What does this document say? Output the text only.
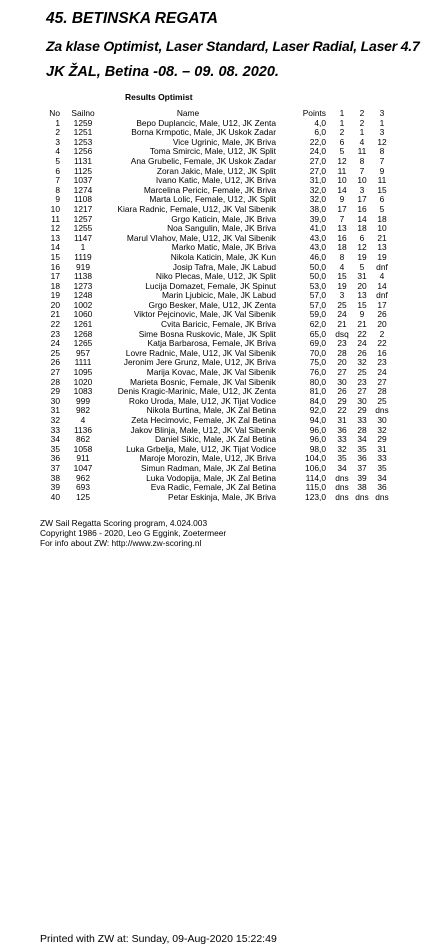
45. BETINSKA REGATA
Za klase Optimist, Laser Standard, Laser Radial, Laser 4.7
JK ŽAL, Betina -08. – 09. 08. 2020.
Results Optimist
No	Sailno	Name	Points	1	2	3
1	1259	Bepo Duplancic, Male, U12, JK Zenta	4,0	1	2	1
2	1251	Borna Krmpotic, Male, JK Uskok Zadar	6,0	2	1	3
3	1253	Vice Ugrinic, Male, JK Briva	22,0	6	4	12
4	1256	Toma Smircic, Male, U12, JK Split	24,0	5	11	8
5	1131	Ana Grubelic, Female, JK Uskok Zadar	27,0	12	8	7
6	1125	Zoran Jakic, Male, U12, JK Split	27,0	11	7	9
7	1037	Ivano Katic, Male, U12, JK Briva	31,0	10	10	11
8	1274	Marcelina Pericic, Female, JK Briva	32,0	14	3	15
9	1108	Marta Lolic, Female, U12, JK Split	32,0	9	17	6
10	1217	Kiara Radnic, Female, U12, JK Val Sibenik	38,0	17	16	5
11	1257	Grgo Katicin, Male, JK Briva	39,0	7	14	18
12	1255	Noa Sangulin, Male, JK Briva	41,0	13	18	10
13	1147	Marul Vlahov, Male, U12, JK Val Sibenik	43,0	16	6	21
14	1	Marko Matic, Male, JK Briva	43,0	18	12	13
15	1119	Nikola Katicin, Male, JK Kun	46,0	8	19	19
16	919	Josip Tafra, Male, JK Labud	50,0	4	5	dnf
17	1138	Niko Plecas, Male, U12, JK Split	50,0	15	31	4
18	1273	Lucija Domazet, Female, JK Spinut	53,0	19	20	14
19	1248	Marin Ljubicic, Male, JK Labud	57,0	3	13	dnf
20	1002	Grgo Besker, Male, U12, JK Zenta	57,0	25	15	17
21	1060	Viktor Pejcinovic, Male, JK Val Sibenik	59,0	24	9	26
22	1261	Cvita Baricic, Female, JK Briva	62,0	21	21	20
23	1268	Sime Bosna Ruskovic, Male, JK Split	65,0	dsq	22	2
24	1265	Katja Barbarosa, Female, JK Briva	69,0	23	24	22
25	957	Lovre Radnic, Male, U12, JK Val Sibenik	70,0	28	26	16
26	1111	Jeronim Jere Grunz, Male, U12, JK Briva	75,0	20	32	23
27	1095	Marija Kovac, Male, JK Val Sibenik	76,0	27	25	24
28	1020	Marieta Bosnic, Female, JK Val Sibenik	80,0	30	23	27
29	1083	Denis Kragic-Marinic, Male, U12, JK Zenta	81,0	26	27	28
30	999	Roko Uroda, Male, U12, JK Tijat Vodice	84,0	29	30	25
31	982	Nikola Burtina, Male, JK Zal Betina	92,0	22	29	dns
32	4	Zeta Hecimovic, Female, JK Zal Betina	94,0	31	33	30
33	1136	Jakov Blinja, Male, U12, JK Val Sibenik	96,0	36	28	32
34	862	Daniel Sikic, Male, JK Zal Betina	96,0	33	34	29
35	1058	Luka Grbelja, Male, U12, JK Tijat Vodice	98,0	32	35	31
36	911	Maroje Morozin, Male, U12, JK Briva	104,0	35	36	33
37	1047	Simun Radman, Male, JK Zal Betina	106,0	34	37	35
38	962	Luka Vodopija, Male, JK Zal Betina	114,0	dns	39	34
39	693	Eva Radic, Female, JK Zal Betina	115,0	dns	38	36
40	125	Petar Eskinja, Male, JK Briva	123,0	dns	dns	dns
ZW Sail Regatta Scoring program, 4.024.003
Copyright 1986 - 2020, Leo G Eggink, Zoetermeer
For info about ZW: http://www.zw-scoring.nl
Printed with ZW at: Sunday, 09-Aug-2020 15:22:49
